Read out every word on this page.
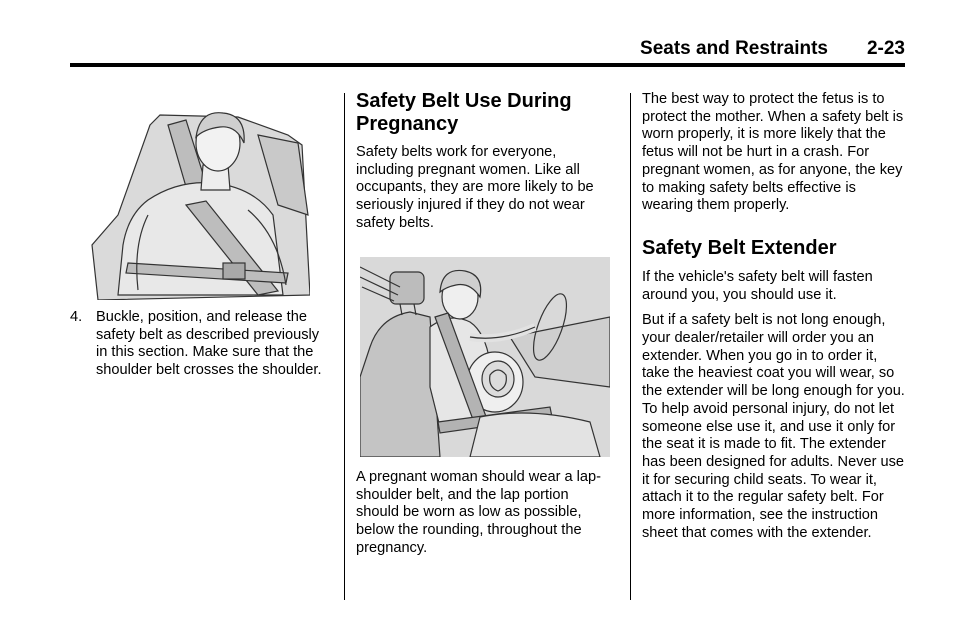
Seats and Restraints 2-23
4. Buckle, position, and release the safety belt as described previously in this section. Make sure that the shoulder belt crosses the shoulder.

Safety Belt Use During Pregnancy

Safety belts work for everyone, including pregnant women. Like all occupants, they are more likely to be seriously injured if they do not wear safety belts.

A pregnant woman should wear a lap-shoulder belt, and the lap portion should be worn as low as possible, below the rounding, throughout the pregnancy.

The best way to protect the fetus is to protect the mother. When a safety belt is worn properly, it is more likely that the fetus will not be hurt in a crash. For pregnant women, as for anyone, the key to making safety belts effective is wearing them properly.

Safety Belt Extender

If the vehicle's safety belt will fasten around you, you should use it.

But if a safety belt is not long enough, your dealer/retailer will order you an extender. When you go in to order it, take the heaviest coat you will wear, so the extender will be long enough for you. To help avoid personal injury, do not let someone else use it, and use it only for the seat it is made to fit. The extender has been designed for adults. Never use it for securing child seats. To wear it, attach it to the regular safety belt. For more information, see the instruction sheet that comes with the extender.
